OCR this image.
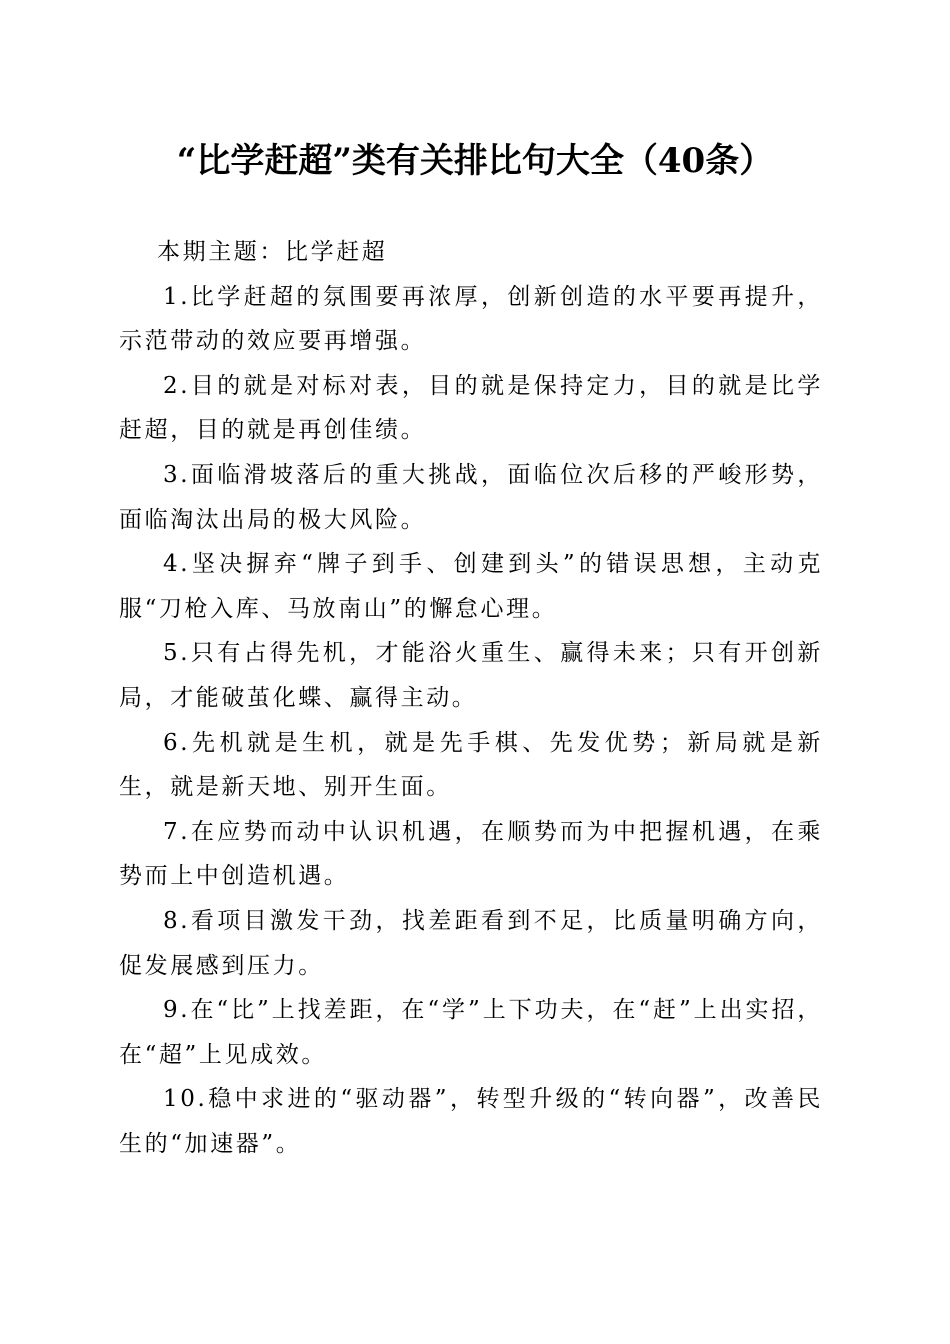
“比学赶超”类有关排比句大全（40条）

本期主题：比学赶超

1.比学赶超的氛围要再浓厚，创新创造的水平要再提升，示范带动的效应要再增强。

2.目的就是对标对表，目的就是保持定力，目的就是比学赶超，目的就是再创佳绩。

3.面临滑坡落后的重大挑战，面临位次后移的严峻形势，面临淘汰出局的极大风险。

4.坚决摒弃“牌子到手、创建到头”的错误思想，主动克服“刀枪入库、马放南山”的懈怠心理。

5.只有占得先机，才能浴火重生、赢得未来；只有开创新局，才能破茧化蝶、赢得主动。

6.先机就是生机，就是先手棋、先发优势；新局就是新生，就是新天地、别开生面。

7.在应势而动中认识机遇，在顺势而为中把握机遇，在乘势而上中创造机遇。

8.看项目激发干劲，找差距看到不足，比质量明确方向，促发展感到压力。

9.在“比”上找差距，在“学”上下功夫，在“赶”上出实招，在“超”上见成效。

10.稳中求进的“驱动器”，转型升级的“转向器”，改善民生的“加速器”。
